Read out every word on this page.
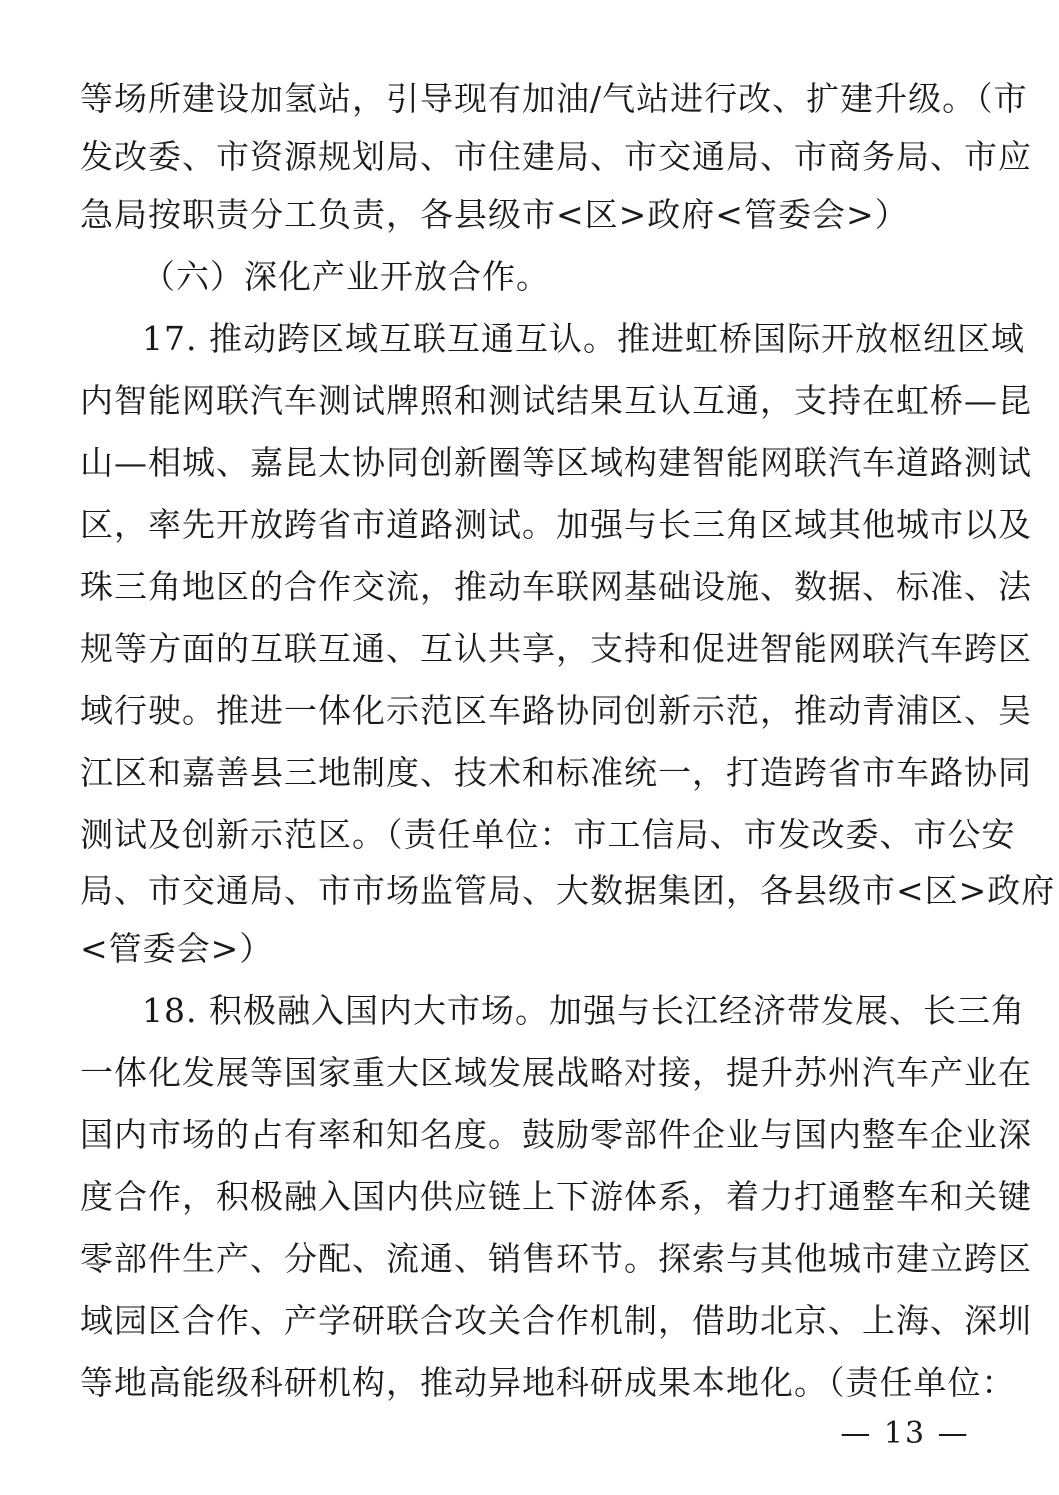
等场所建设加氢站，引导现有加油/气站进行改、扩建升级。（市
发改委、市资源规划局、市住建局、市交通局、市商务局、市应
急局按职责分工负责，各县级市<区>政府<管委会>）
（六）深化产业开放合作。
17. 推动跨区域互联互通互认。推进虹桥国际开放枢纽区域
内智能网联汽车测试牌照和测试结果互认互通，支持在虹桥—昆
山—相城、嘉昆太协同创新圈等区域构建智能网联汽车道路测试
区，率先开放跨省市道路测试。加强与长三角区域其他城市以及
珠三角地区的合作交流，推动车联网基础设施、数据、标准、法
规等方面的互联互通、互认共享，支持和促进智能网联汽车跨区
域行驶。推进一体化示范区车路协同创新示范，推动青浦区、吴
江区和嘉善县三地制度、技术和标准统一，打造跨省市车路协同
测试及创新示范区。（责任单位：市工信局、市发改委、市公安
局、市交通局、市市场监管局、大数据集团，各县级市<区>政府
<管委会>）
18. 积极融入国内大市场。加强与长江经济带发展、长三角
一体化发展等国家重大区域发展战略对接，提升苏州汽车产业在
国内市场的占有率和知名度。鼓励零部件企业与国内整车企业深
度合作，积极融入国内供应链上下游体系，着力打通整车和关键
零部件生产、分配、流通、销售环节。探索与其他城市建立跨区
域园区合作、产学研联合攻关合作机制，借助北京、上海、深圳
等地高能级科研机构，推动异地科研成果本地化。（责任单位：
— 13 —
